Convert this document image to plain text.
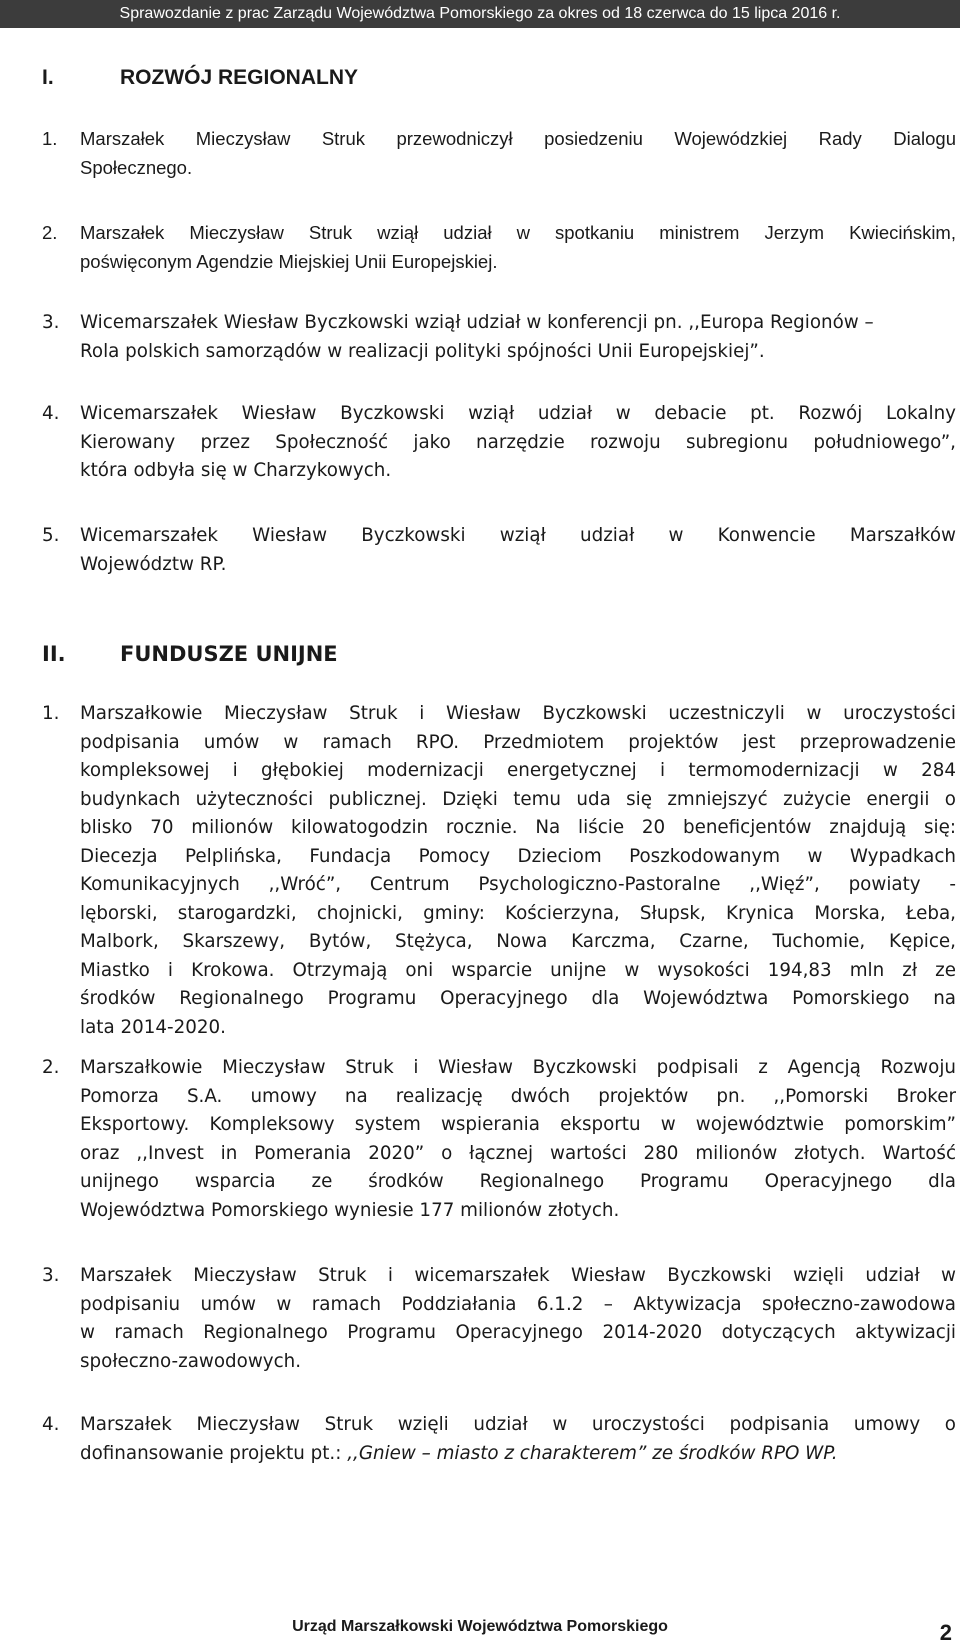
Sprawozdanie z prac Zarządu Województwa Pomorskiego za okres od 18 czerwca do 15 lipca 2016 r.
I.	ROZWÓJ REGIONALNY
1. Marszałek Mieczysław Struk przewodniczył posiedzeniu Wojewódzkiej Rady Dialogu
Społecznego.
2. Marszałek Mieczysław Struk wziął udział w spotkaniu ministrem Jerzym Kwiecińskim,
poświęconym Agendzie Miejskiej Unii Europejskiej.
3. Wicemarszałek Wiesław Byczkowski wziął udział w konferencji pn. ,,Europa Regionów –
Rola polskich samorządów w realizacji polityki spójności Unii Europejskiej”.
4. Wicemarszałek Wiesław Byczkowski wziął udział w debacie pt. Rozwój Lokalny
Kierowany przez Społeczność jako narzędzie rozwoju subregionu południowego”,
która odbyła się w Charzykowych.
5. Wicemarszałek Wiesław Byczkowski wziął udział w Konwencie Marszałków
Województw RP.
II.	FUNDUSZE UNIJNE
1. Marszałkowie Mieczysław Struk i Wiesław Byczkowski uczestniczyli w uroczystości
podpisania umów w ramach RPO. Przedmiotem projektów jest przeprowadzenie
kompleksowej i głębokiej modernizacji energetycznej i termomodernizacji w 284
budynkach użyteczności publicznej. Dzięki temu uda się zmniejszyć zużycie energii o
blisko 70 milionów kilowatogodzin rocznie. Na liście 20 beneficjentów znajdują się:
Diecezja Pelplińska, Fundacja Pomocy Dzieciom Poszkodowanym w Wypadkach
Komunikacyjnych ,,Wróć”, Centrum Psychologiczno-Pastoralne ,,Więź”, powiaty -
lęborski, starogardzki, chojnicki, gminy: Kościerzyna, Słupsk, Krynica Morska, Łeba,
Malbork, Skarszewy, Bytów, Stężyca, Nowa Karczma, Czarne, Tuchomie, Kępice,
Miastko i Krokowa. Otrzymają oni wsparcie unijne w wysokości 194,83 mln zł ze
środków Regionalnego Programu Operacyjnego dla Województwa Pomorskiego na
lata 2014-2020.
2. Marszałkowie Mieczysław Struk i Wiesław Byczkowski podpisali z Agencją Rozwoju
Pomorza S.A. umowy na realizację dwóch projektów pn. ,,Pomorski Broker
Eksportowy. Kompleksowy system wspierania eksportu w województwie pomorskim”
oraz ,,Invest in Pomerania 2020” o łącznej wartości 280 milionów złotych. Wartość
unijnego wsparcia ze środków Regionalnego Programu Operacyjnego dla
Województwa Pomorskiego wyniesie 177 milionów złotych.
3. Marszałek Mieczysław Struk i wicemarszałek Wiesław Byczkowski wzięli udział w
podpisaniu umów w ramach Poddziałania 6.1.2 – Aktywizacja społeczno-zawodowa
w ramach Regionalnego Programu Operacyjnego 2014-2020 dotyczących aktywizacji
społeczno-zawodowych.
4. Marszałek Mieczysław Struk wzięli udział w uroczystości podpisania umowy o
dofinansowanie projektu pt.: ,,Gniew – miasto z charakterem” ze środków RPO WP.
Urząd Marszałkowski Województwa Pomorskiego	2
